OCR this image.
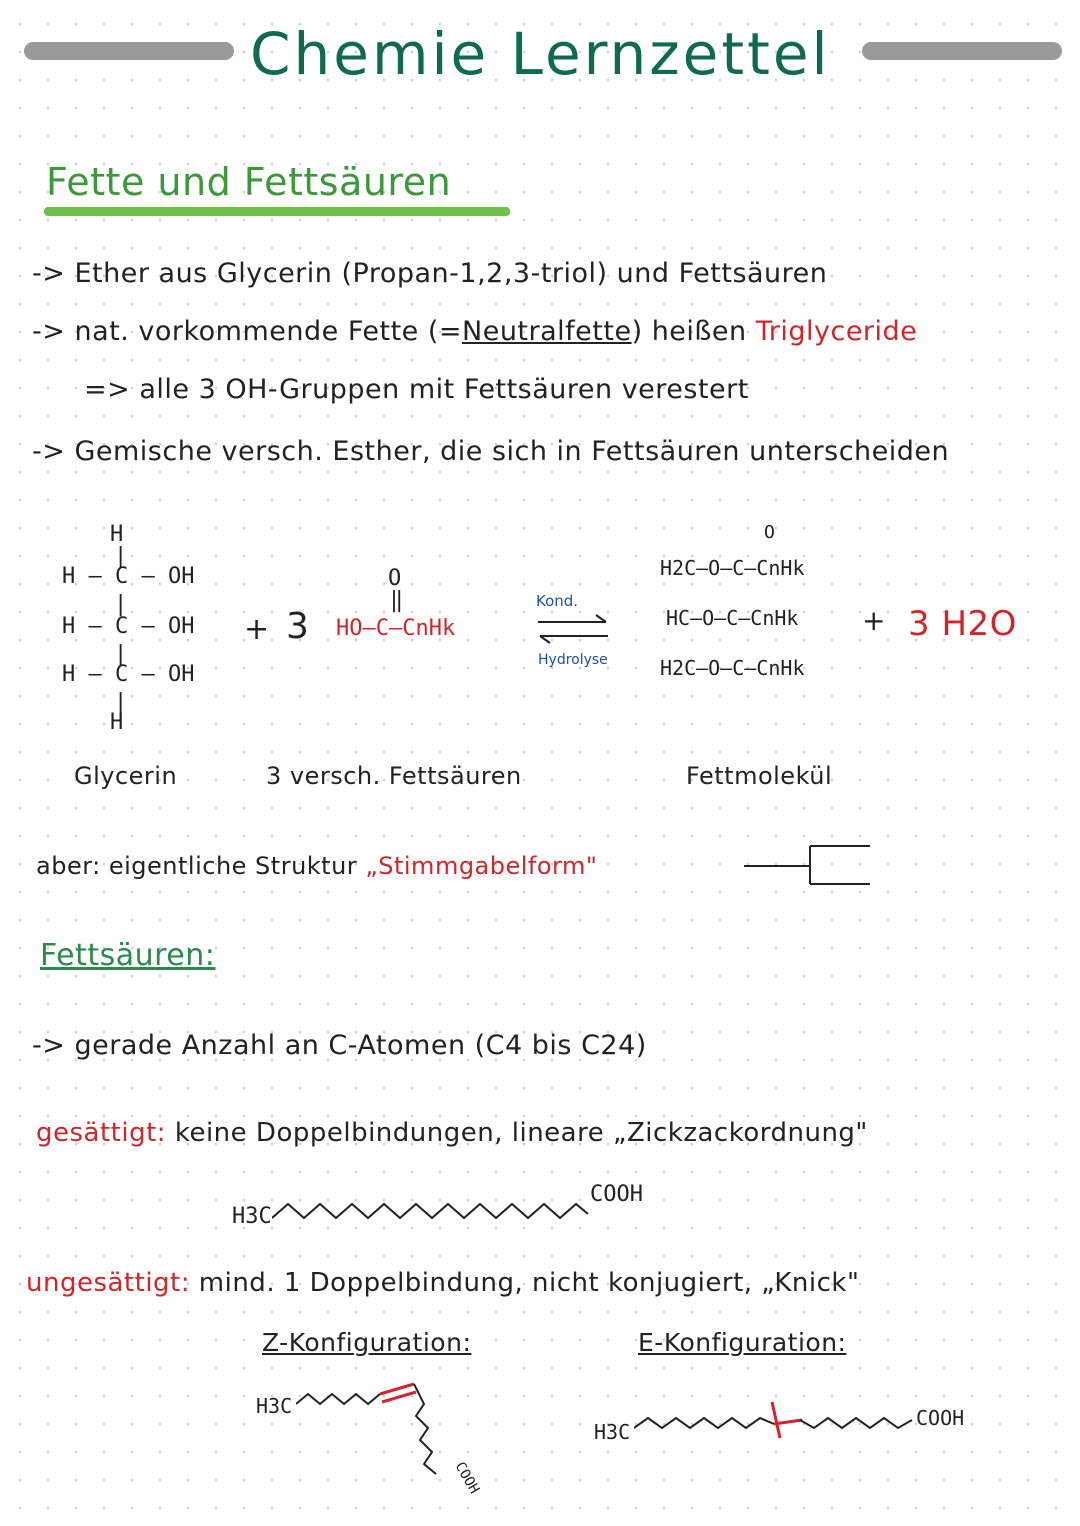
Chemie Lernzettel
Fette und Fettsäuren
-> Ether aus Glycerin (Propan-1,2,3-triol) und Fettsäuren
-> nat. vorkommende Fette (=Neutralfette) heißen Triglyceride
=> alle 3 OH-Gruppen mit Fettsäuren verestert
-> Gemische versch. Esther, die sich in Fettsäuren unterscheiden
H
|
H – C – OH
|
H – C – OH
|
H – C – OH
|
H
+ 3
O
‖
HO–C–CnHk
Kond.
Hydrolyse
O
H2C–O–C–CnHk
HC–O–C–CnHk
H2C–O–C–CnHk
+ 3 H2O
Glycerin	3 versch. Fettsäuren	Fettmolekül
aber: eigentliche Struktur „Stimmgabelform"
Fettsäuren:
-> gerade Anzahl an C-Atomen (C4 bis C24)
gesättigt: keine Doppelbindungen, lineare „Zickzackordnung"
H3C
COOH
ungesättigt: mind. 1 Doppelbindung, nicht konjugiert, „Knick"
Z-Konfiguration:	E-Konfiguration:
H3C
COOH
H3C
COOH
